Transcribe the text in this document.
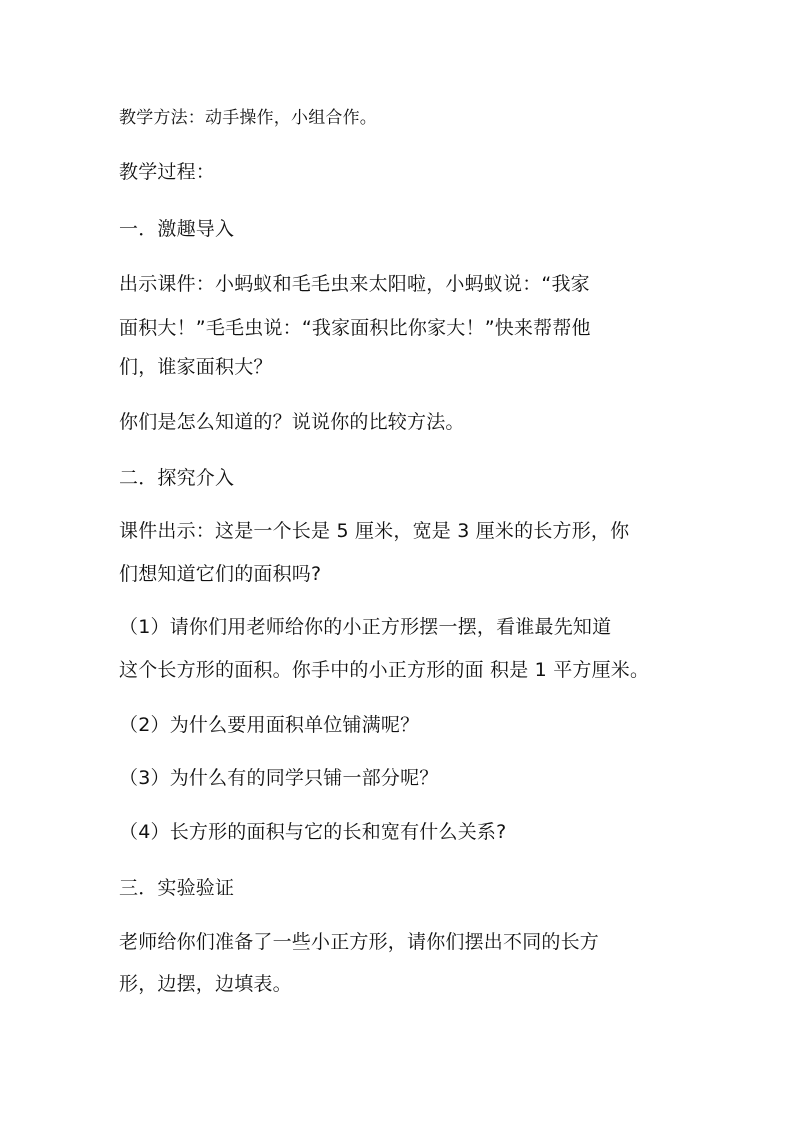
教学方法：动手操作，小组合作。
教学过程：
一．激趣导入
出示课件：小蚂蚁和毛毛虫来太阳啦，小蚂蚁说：“我家
面积大！”毛毛虫说：“我家面积比你家大！”快来帮帮他
们，谁家面积大？
你们是怎么知道的？说说你的比较方法。
二．探究介入
课件出示：这是一个长是 5 厘米，宽是 3 厘米的长方形，你
们想知道它们的面积吗?
（1）请你们用老师给你的小正方形摆一摆，看谁最先知道
这个长方形的面积。你手中的小正方形的面 积是 1 平方厘米。
（2）为什么要用面积单位铺满呢？
（3）为什么有的同学只铺一部分呢？
（4）长方形的面积与它的长和宽有什么关系?
三．实验验证
老师给你们准备了一些小正方形，请你们摆出不同的长方
形，边摆，边填表。
